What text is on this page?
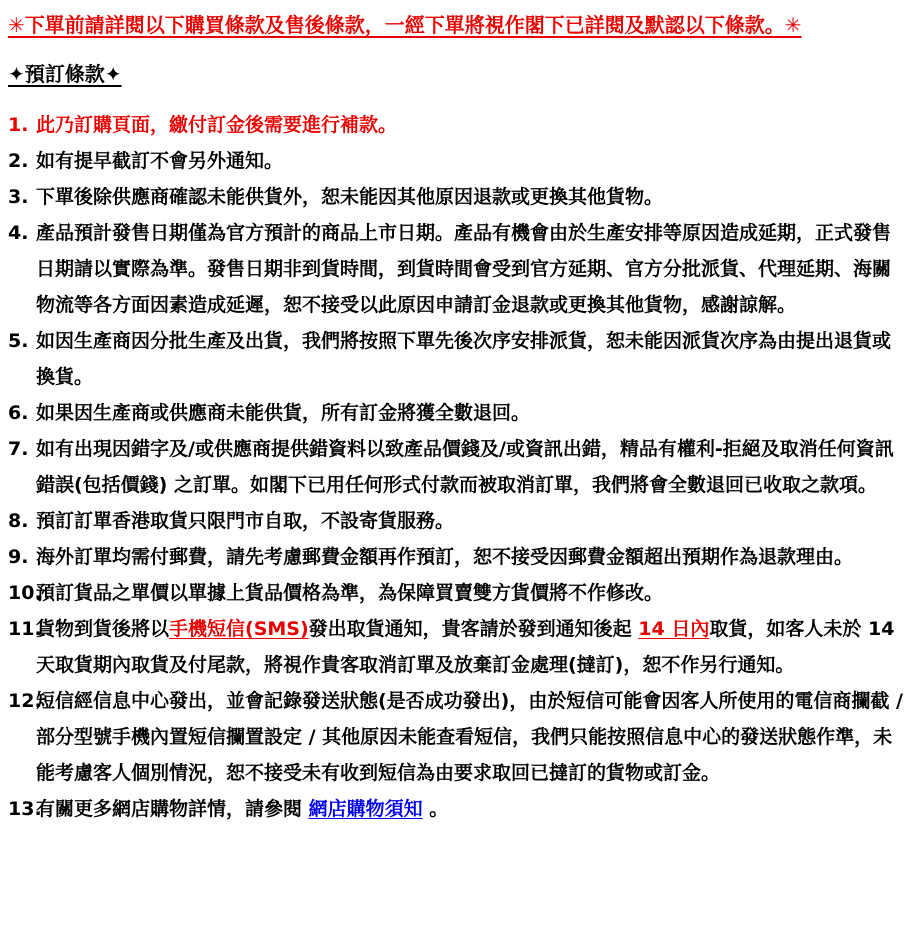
✳下單前請詳閱以下購買條款及售後條款，一經下單將視作閣下已詳閱及默認以下條款。✳
✦預訂條款✦
1. 此乃訂購頁面，繳付訂金後需要進行補款。
2. 如有提早截訂不會另外通知。
3. 下單後除供應商確認未能供貨外，恕未能因其他原因退款或更換其他貨物。
4. 產品預計發售日期僅為官方預計的商品上市日期。產品有機會由於生產安排等原因造成延期，正式發售日期請以實際為準。發售日期非到貨時間，到貨時間會受到官方延期、官方分批派貨、代理延期、海關物流等各方面因素造成延遲，恕不接受以此原因申請訂金退款或更換其他貨物，感謝諒解。
5. 如因生產商因分批生產及出貨，我們將按照下單先後次序安排派貨，恕未能因派貨次序為由提出退貨或換貨。
6. 如果因生產商或供應商未能供貨，所有訂金將獲全數退回。
7. 如有出現因錯字及/或供應商提供錯資料以致產品價錢及/或資訊出錯，精品有權利-拒絕及取消任何資訊錯誤(包括價錢) 之訂單。如閣下已用任何形式付款而被取消訂單，我們將會全數退回已收取之款項。
8. 預訂訂單香港取貨只限門市自取，不設寄貨服務。
9. 海外訂單均需付郵費，請先考慮郵費金額再作預訂，恕不接受因郵費金額超出預期作為退款理由。
10.
預訂貨品之單價以單據上貨品價格為準，為保障買賣雙方貨價將不作修改。
11.
貨物到貨後將以手機短信(SMS)發出取貨通知，貴客請於發到通知後起 14 日內取貨，如客人未於 14 天取貨期內取貨及付尾款，將視作貴客取消訂單及放棄訂金處理(撻訂)，恕不作另行通知。
12.
短信經信息中心發出，並會記錄發送狀態(是否成功發出)，由於短信可能會因客人所使用的電信商攔截 / 部分型號手機內置短信攔置設定 / 其他原因未能查看短信，我們只能按照信息中心的發送狀態作準，未能考慮客人個別情況，恕不接受未有收到短信為由要求取回已撻訂的貨物或訂金。
13.
有關更多網店購物詳情，請參閱 網店購物須知 。
